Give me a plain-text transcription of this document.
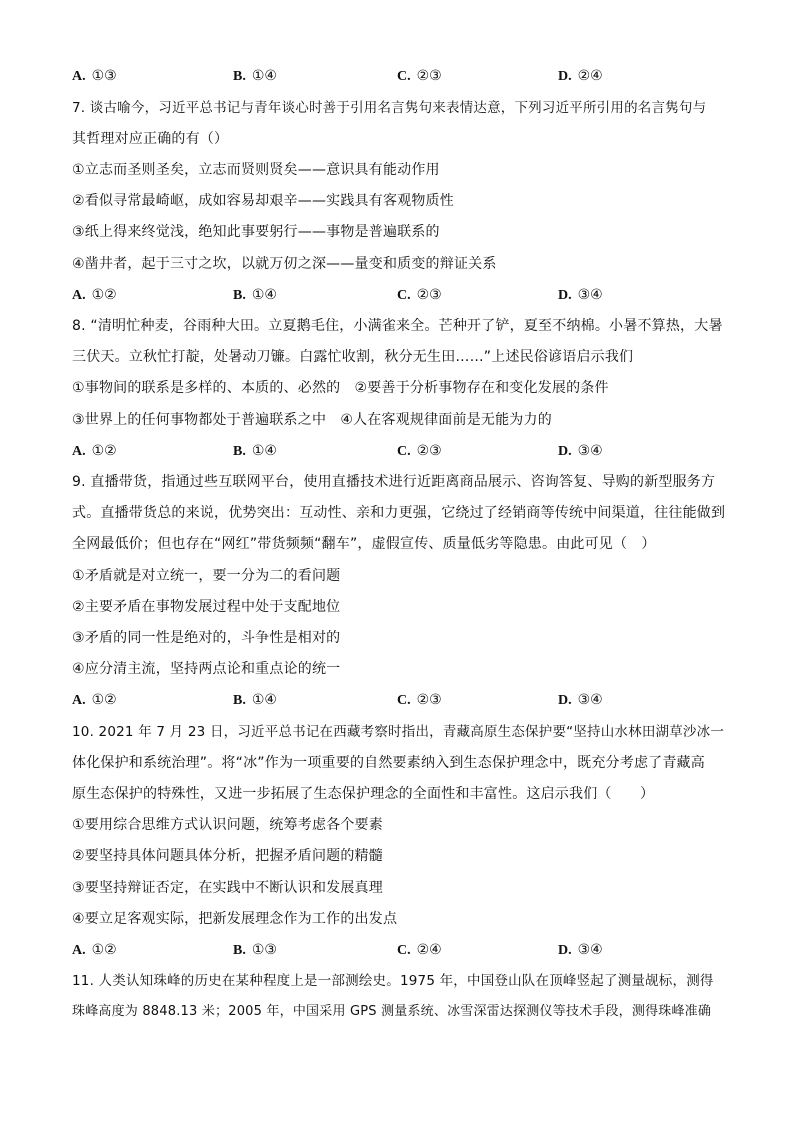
A. ①③	B. ①④	C. ②③	D. ②④
7. 谈古喻今，习近平总书记与青年谈心时善于引用名言隽句来表情达意，下列习近平所引用的名言隽句与
其哲理对应正确的有（）
①立志而圣则圣矣，立志而贤则贤矣——意识具有能动作用
②看似寻常最崎岖，成如容易却艰辛——实践具有客观物质性
③纸上得来终觉浅，绝知此事要躬行——事物是普遍联系的
④凿井者，起于三寸之坎，以就万仞之深——量变和质变的辩证关系
A. ①②	B. ①④	C. ②③	D. ③④
8. “清明忙种麦，谷雨种大田。立夏鹅毛住，小满雀来全。芒种开了铲，夏至不纳棉。小暑不算热，大暑
三伏天。立秋忙打靛，处暑动刀镰。白露忙收割，秋分无生田……”上述民俗谚语启示我们
①事物间的联系是多样的、本质的、必然的　②要善于分析事物存在和变化发展的条件
③世界上的任何事物都处于普遍联系之中　④人在客观规律面前是无能为力的
A. ①②	B. ①④	C. ②③	D. ③④
9. 直播带货，指通过些互联网平台，使用直播技术进行近距离商品展示、咨询答复、导购的新型服务方
式。直播带货总的来说，优势突出：互动性、亲和力更强，它绕过了经销商等传统中间渠道，往往能做到
全网最低价；但也存在“网红”带货频频“翻车”，虚假宣传、质量低劣等隐患。由此可见（　）
①矛盾就是对立统一，要一分为二的看问题
②主要矛盾在事物发展过程中处于支配地位
③矛盾的同一性是绝对的，斗争性是相对的
④应分清主流，坚持两点论和重点论的统一
A. ①②	B. ①④	C. ②③	D. ③④
10. 2021 年 7 月 23 日，习近平总书记在西藏考察时指出，青藏高原生态保护要“坚持山水林田湖草沙冰一
体化保护和系统治理”。将“冰”作为一项重要的自然要素纳入到生态保护理念中，既充分考虑了青藏高
原生态保护的特殊性，又进一步拓展了生态保护理念的全面性和丰富性。这启示我们（　　）
①要用综合思维方式认识问题，统筹考虑各个要素
②要坚持具体问题具体分析，把握矛盾问题的精髓
③要坚持辩证否定，在实践中不断认识和发展真理
④要立足客观实际，把新发展理念作为工作的出发点
A. ①②	B. ①③	C. ②④	D. ③④
11. 人类认知珠峰的历史在某种程度上是一部测绘史。1975 年，中国登山队在顶峰竖起了测量觇标，测得
珠峰高度为 8848.13 米；2005 年，中国采用 GPS 测量系统、冰雪深雷达探测仪等技术手段，测得珠峰准确
